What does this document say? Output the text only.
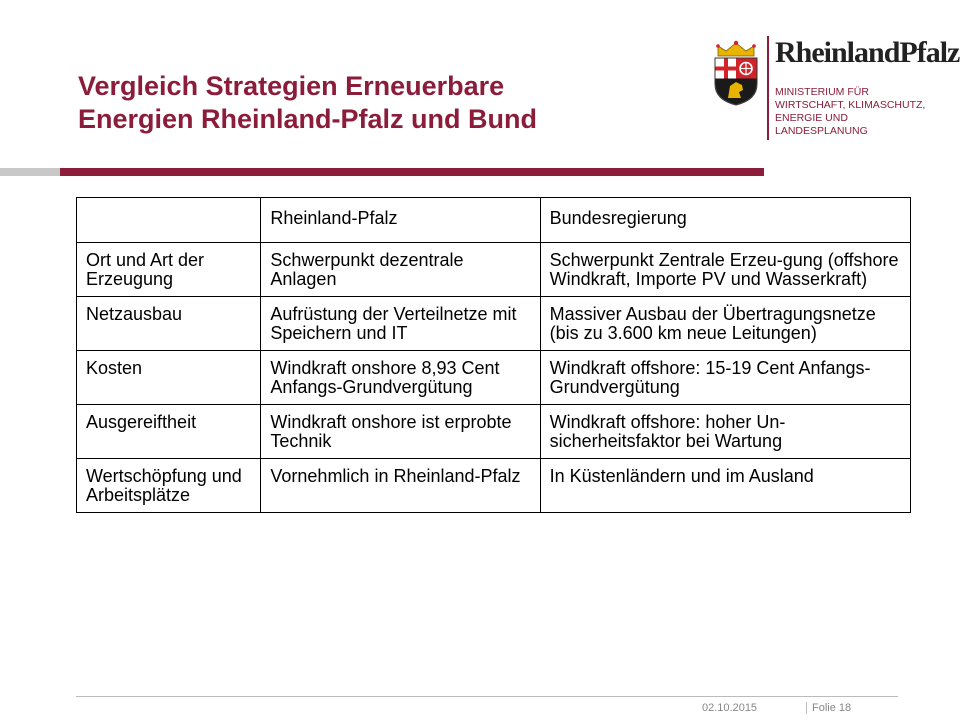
Vergleich Strategien Erneuerbare
Energien Rheinland-Pfalz und Bund
RheinlandPfalz
MINISTERIUM FÜR
WIRTSCHAFT, KLIMASCHUTZ,
ENERGIE UND
LANDESPLANUNG
	Rheinland-Pfalz	Bundesregierung
Ort und Art der Erzeugung	Schwerpunkt dezentrale Anlagen	Schwerpunkt Zentrale Erzeu-gung (offshore Windkraft, Importe PV und Wasserkraft)
Netzausbau	Aufrüstung der Verteilnetze mit Speichern und IT	Massiver Ausbau der Übertragungsnetze (bis zu 3.600 km neue Leitungen)
Kosten	Windkraft onshore 8,93 Cent Anfangs-Grundvergütung	Windkraft offshore: 15-19 Cent Anfangs-Grundvergütung
Ausgereiftheit	Windkraft onshore ist erprobte Technik	Windkraft offshore: hoher Un-sicherheitsfaktor bei Wartung
Wertschöpfung und Arbeitsplätze	Vornehmlich in Rheinland-Pfalz	In Küstenländern und im Ausland
02.10.2015	Folie 18
